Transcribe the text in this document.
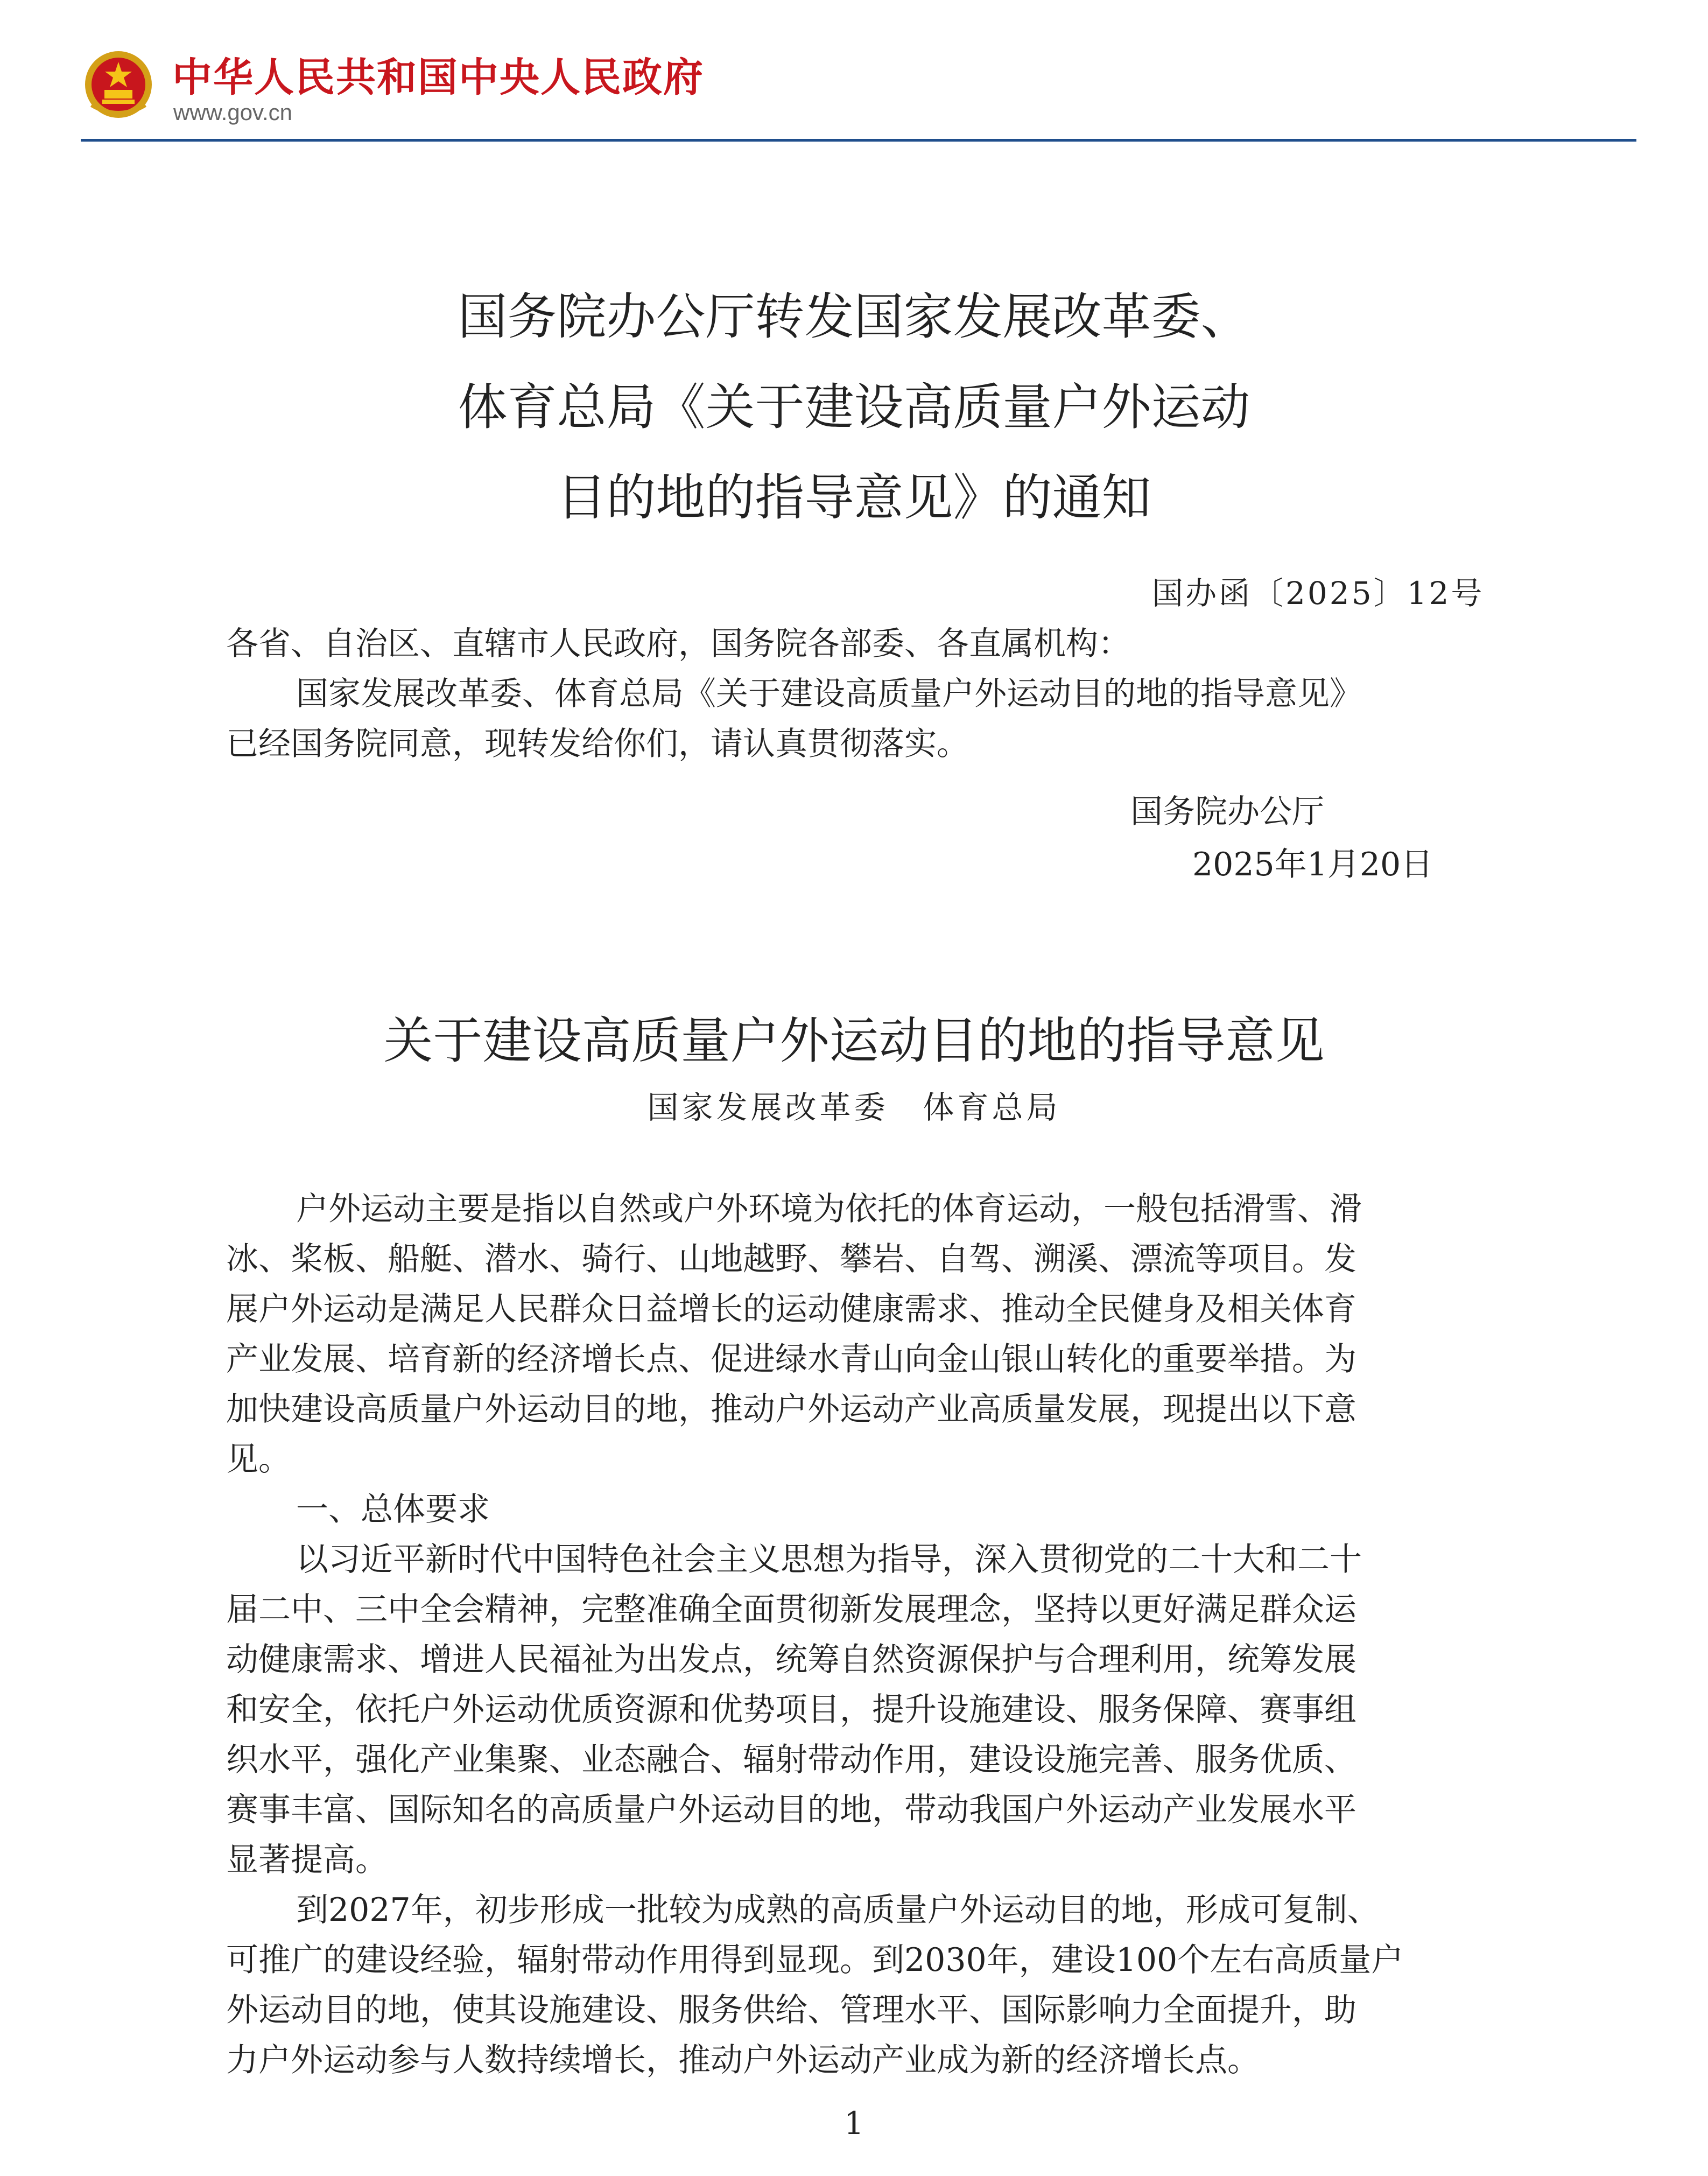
中华人民共和国中央人民政府
www.gov.cn
国务院办公厅转发国家发展改革委、
体育总局《关于建设高质量户外运动
目的地的指导意见》的通知
国办函〔2025〕12号
各省、自治区、直辖市人民政府，国务院各部委、各直属机构：
国家发展改革委、体育总局《关于建设高质量户外运动目的地的指导意见》
已经国务院同意，现转发给你们，请认真贯彻落实。
国务院办公厅
2025年1月20日
关于建设高质量户外运动目的地的指导意见
国家发展改革委　体育总局
户外运动主要是指以自然或户外环境为依托的体育运动，一般包括滑雪、滑
冰、桨板、船艇、潜水、骑行、山地越野、攀岩、自驾、溯溪、漂流等项目。发
展户外运动是满足人民群众日益增长的运动健康需求、推动全民健身及相关体育
产业发展、培育新的经济增长点、促进绿水青山向金山银山转化的重要举措。为
加快建设高质量户外运动目的地，推动户外运动产业高质量发展，现提出以下意
见。
一、总体要求
以习近平新时代中国特色社会主义思想为指导，深入贯彻党的二十大和二十
届二中、三中全会精神，完整准确全面贯彻新发展理念，坚持以更好满足群众运
动健康需求、增进人民福祉为出发点，统筹自然资源保护与合理利用，统筹发展
和安全，依托户外运动优质资源和优势项目，提升设施建设、服务保障、赛事组
织水平，强化产业集聚、业态融合、辐射带动作用，建设设施完善、服务优质、
赛事丰富、国际知名的高质量户外运动目的地，带动我国户外运动产业发展水平
显著提高。
到2027年，初步形成一批较为成熟的高质量户外运动目的地，形成可复制、
可推广的建设经验，辐射带动作用得到显现。到2030年，建设100个左右高质量户
外运动目的地，使其设施建设、服务供给、管理水平、国际影响力全面提升，助
力户外运动参与人数持续增长，推动户外运动产业成为新的经济增长点。
1
